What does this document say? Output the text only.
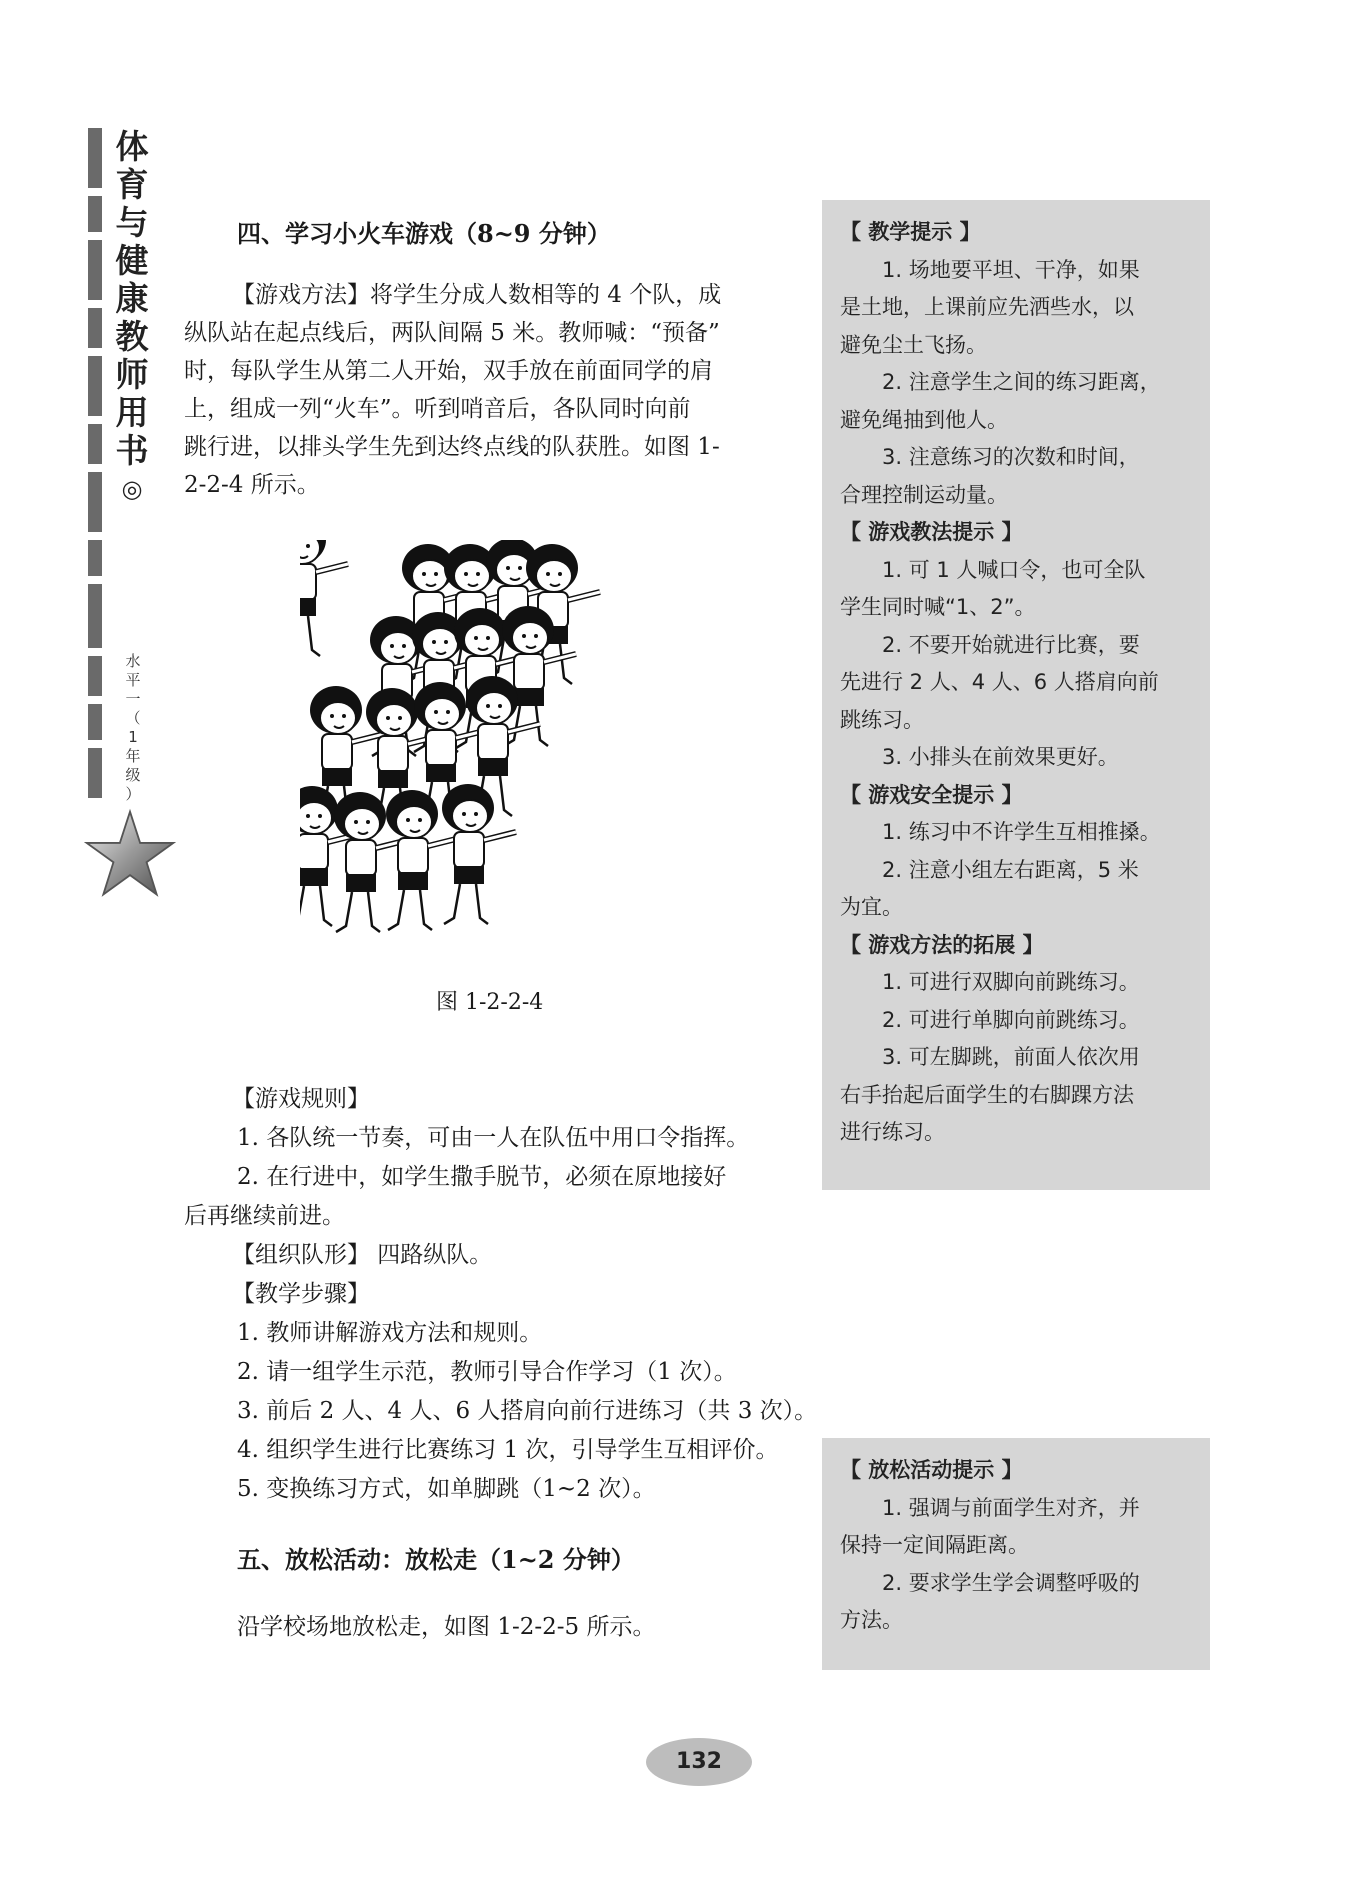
体
育
与
健
康
教
师
用
书
◎
水
平
一
（
1
年
级
）

四、学习小火车游戏（8~9 分钟）

【游戏方法】将学生分成人数相等的 4 个队，成
纵队站在起点线后，两队间隔 5 米。教师喊：“预备”
时，每队学生从第二人开始，双手放在前面同学的肩
上，组成一列“火车”。听到哨音后，各队同时向前
跳行进，以排头学生先到达终点线的队获胜。如图 1-
2-2-4 所示。
图 1-2-2-4

【游戏规则】

1. 各队统一节奏，可由一人在队伍中用口令指挥。

2. 在行进中，如学生撒手脱节，必须在原地接好

后再继续前进。

【组织队形】 四路纵队。

【教学步骤】

1. 教师讲解游戏方法和规则。

2. 请一组学生示范，教师引导合作学习（1 次）。

3. 前后 2 人、4 人、6 人搭肩向前行进练习（共 3 次）。

4. 组织学生进行比赛练习 1 次，引导学生互相评价。

5. 变换练习方式，如单脚跳（1~2 次）。

五、放松活动：放松走（1~2 分钟）

沿学校场地放松走，如图 1-2-2-5 所示。

【 教学提示 】

1. 场地要平坦、干净，如果

是土地，上课前应先洒些水，以

避免尘土飞扬。

2. 注意学生之间的练习距离，

避免绳抽到他人。

3. 注意练习的次数和时间，

合理控制运动量。

【 游戏教法提示 】

1. 可 1 人喊口令，也可全队

学生同时喊“1、2”。

2. 不要开始就进行比赛，要

先进行 2 人、4 人、6 人搭肩向前

跳练习。

3. 小排头在前效果更好。

【 游戏安全提示 】

1. 练习中不许学生互相推搡。

2. 注意小组左右距离，5 米

为宜。

【 游戏方法的拓展 】

1. 可进行双脚向前跳练习。

2. 可进行单脚向前跳练习。

3. 可左脚跳，前面人依次用

右手抬起后面学生的右脚踝方法

进行练习。

【 放松活动提示 】

1. 强调与前面学生对齐，并

保持一定间隔距离。

2. 要求学生学会调整呼吸的

方法。

132
